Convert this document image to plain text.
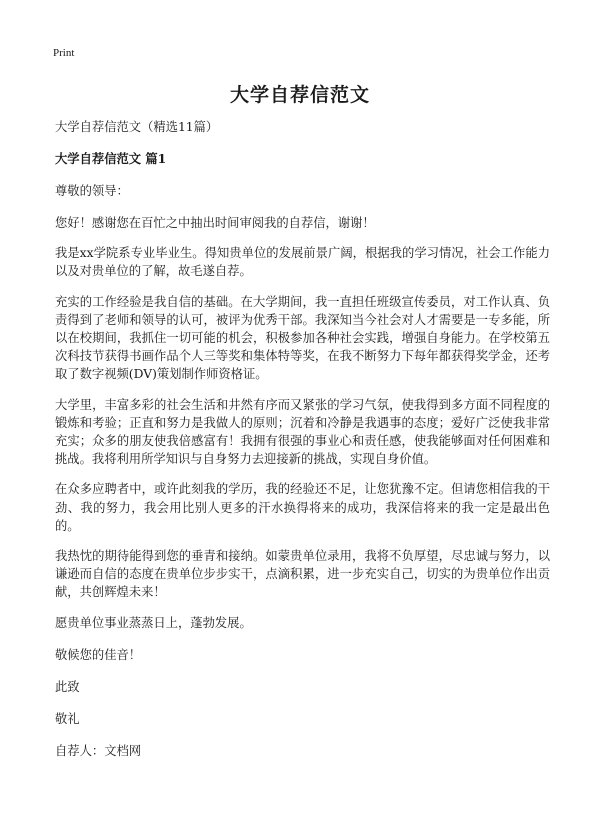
Print
大学自荐信范文
大学自荐信范文（精选11篇）
大学自荐信范文 篇1
尊敬的领导：

您好！感谢您在百忙之中抽出时间审阅我的自荐信，谢谢！

我是xx学院系专业毕业生。得知贵单位的发展前景广阔，根据我的学习情况，社会工作能力以及对贵单位的了解，故毛遂自荐。

充实的工作经验是我自信的基础。在大学期间，我一直担任班级宣传委员，对工作认真、负责得到了老师和领导的认可，被评为优秀干部。我深知当今社会对人才需要是一专多能，所以在校期间，我抓住一切可能的机会，积极参加各种社会实践，增强自身能力。在学校第五次科技节获得书画作品个人三等奖和集体特等奖，在我不断努力下每年都获得奖学金，还考取了数字视频(DV)策划制作师资格证。

大学里，丰富多彩的社会生活和井然有序而又紧张的学习气氛，使我得到多方面不同程度的锻炼和考验；正直和努力是我做人的原则；沉着和冷静是我遇事的态度；爱好广泛使我非常充实；众多的朋友使我倍感富有！我拥有很强的事业心和责任感，使我能够面对任何困难和挑战。我将利用所学知识与自身努力去迎接新的挑战，实现自身价值。

在众多应聘者中，或许此刻我的学历，我的经验还不足，让您犹豫不定。但请您相信我的干劲、我的努力，我会用比别人更多的汗水换得将来的成功，我深信将来的我一定是最出色的。

我热忱的期待能得到您的垂青和接纳。如蒙贵单位录用，我将不负厚望，尽忠诚与努力，以谦逊而自信的态度在贵单位步步实干，点滴积累，进一步充实自己，切实的为贵单位作出贡献，共创辉煌未来！

愿贵单位事业蒸蒸日上，蓬勃发展。
敬候您的佳音！
此致
敬礼
自荐人：文档网
